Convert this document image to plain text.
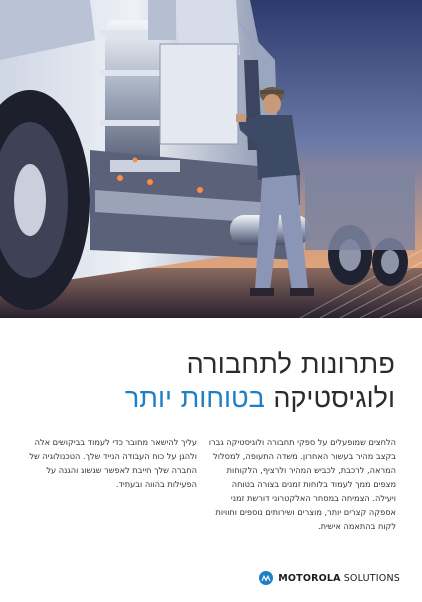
פתרונות לתחבורה
ולוגיסטיקה בטוחות יותר
הלחצים שמופעלים על ספקי תחבורה ולוגיסטיקה גברו בקצב מהיר בעשור האחרון. משדה התעופה, למסלול המראה, לרכבת, לכביש המהיר ולרציף, הלקוחות מצפים ממך לעמוד בלוחות זמנים בצורה בטוחה ויעילה. הצמיחה במסחר האלקטרוני דורשת זמני אספקה קצרים יותר, מוצרים ושירותים נוספים וחוויות לקוח בהתאמה אישית.
עליך להישאר מחובר כדי לעמוד בביקושים אלה ולהגן על כוח העבודה הנייד שלך. הטכנולוגיה של החברה שלך חייבת לאפשר שגשוג והגנה על הפעילות בהווה ובעתיד.
MOTOROLA SOLUTIONS
